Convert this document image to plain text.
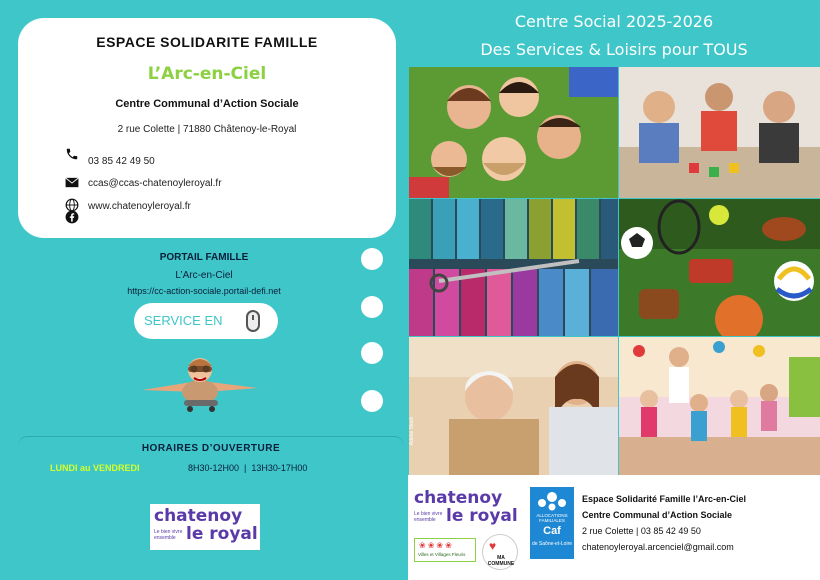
ESPACE SOLIDARITE FAMILLE
L’Arc-en-Ciel
Centre Communal d’Action Sociale
2 rue Colette | 71880 Châtenoy-le-Royal
03 85 42 49 50
ccas@ccas-chatenoyleroyal.fr
www.chatenoyleroyal.fr
PORTAIL FAMILLE
L’Arc-en-Ciel
https://cc-action-sociale.portail-defi.net
SERVICE EN
HORAIRES D’OUVERTURE
LUNDI au VENDREDI	8H30-12H00  |  13H30-17H00
chatenoy
le royal
Le bien vivre ensemble
Centre Social 2025-2026
Des Services & Loisirs pour TOUS
Adobe Stock
chatenoy
le royal
Le bien vivre ensemble
❀ ❀ ❀ ❀
Villes et Villages Fleuris
♥
MA COMMUNE
ALLOCATIONS FAMILIALES
Caf
de Saône-et-Loire
Espace Solidarité Famille l’Arc-en-Ciel
Centre Communal d’Action Sociale
2 rue Colette | 03 85 42 49 50
chatenoyleroyal.arcenciel@gmail.com
